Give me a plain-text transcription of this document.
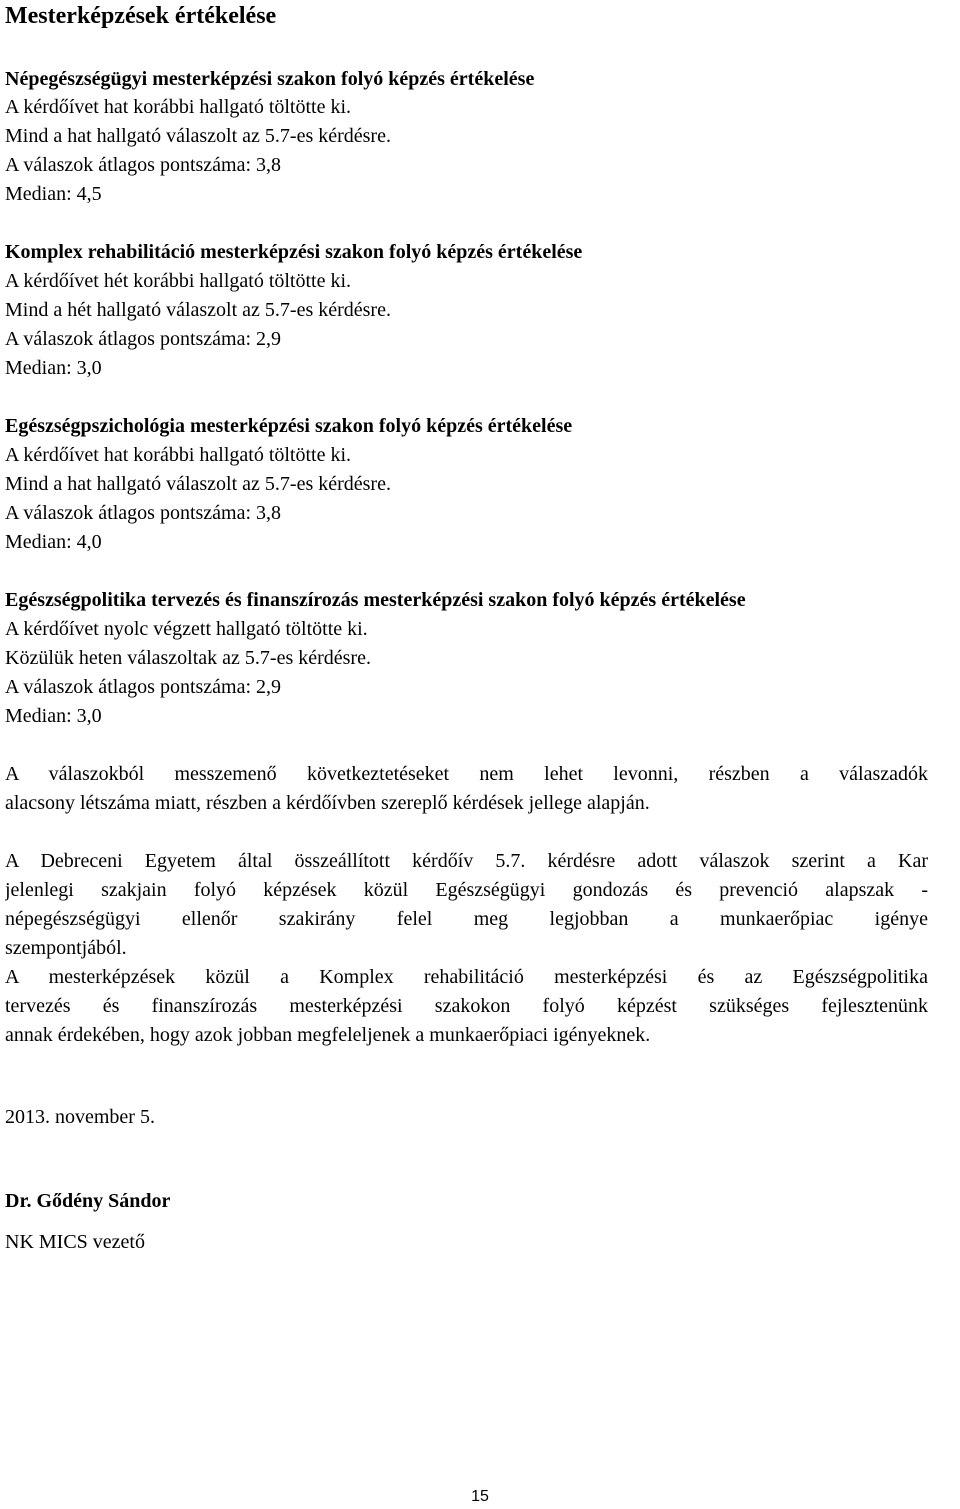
Mesterképzések értékelése
Népegészségügyi mesterképzési szakon folyó képzés értékelése
A kérdőívet hat korábbi hallgató töltötte ki.
Mind a hat hallgató válaszolt az 5.7-es kérdésre.
A válaszok átlagos pontszáma: 3,8
Median: 4,5
Komplex rehabilitáció mesterképzési szakon folyó képzés értékelése
A kérdőívet hét korábbi hallgató töltötte ki.
Mind a hét hallgató válaszolt az 5.7-es kérdésre.
A válaszok átlagos pontszáma: 2,9
Median: 3,0
Egészségpszichológia mesterképzési szakon folyó képzés értékelése
A kérdőívet hat korábbi hallgató töltötte ki.
Mind a hat hallgató válaszolt az 5.7-es kérdésre.
A válaszok átlagos pontszáma: 3,8
Median: 4,0
Egészségpolitika tervezés és finanszírozás mesterképzési szakon folyó képzés értékelése
A kérdőívet nyolc végzett hallgató töltötte ki.
Közülük heten válaszoltak az 5.7-es kérdésre.
A válaszok átlagos pontszáma: 2,9
Median: 3,0
A válaszokból messzemenő következtetéseket nem lehet levonni, részben a válaszadók
alacsony létszáma miatt, részben a kérdőívben szereplő kérdések jellege alapján.
A Debreceni Egyetem által összeállított kérdőív 5.7. kérdésre adott válaszok szerint a Kar
jelenlegi szakjain folyó képzések közül Egészségügyi gondozás és prevenció alapszak -
népegészségügyi ellenőr szakirány felel meg legjobban a munkaerőpiac igénye
szempontjából.
A mesterképzések közül a Komplex rehabilitáció mesterképzési és az Egészségpolitika
tervezés és finanszírozás mesterképzési szakokon folyó képzést szükséges fejlesztenünk
annak érdekében, hogy azok jobban megfeleljenek a munkaerőpiaci igényeknek.
2013. november 5.
Dr. Gődény Sándor
NK MICS vezető
15
